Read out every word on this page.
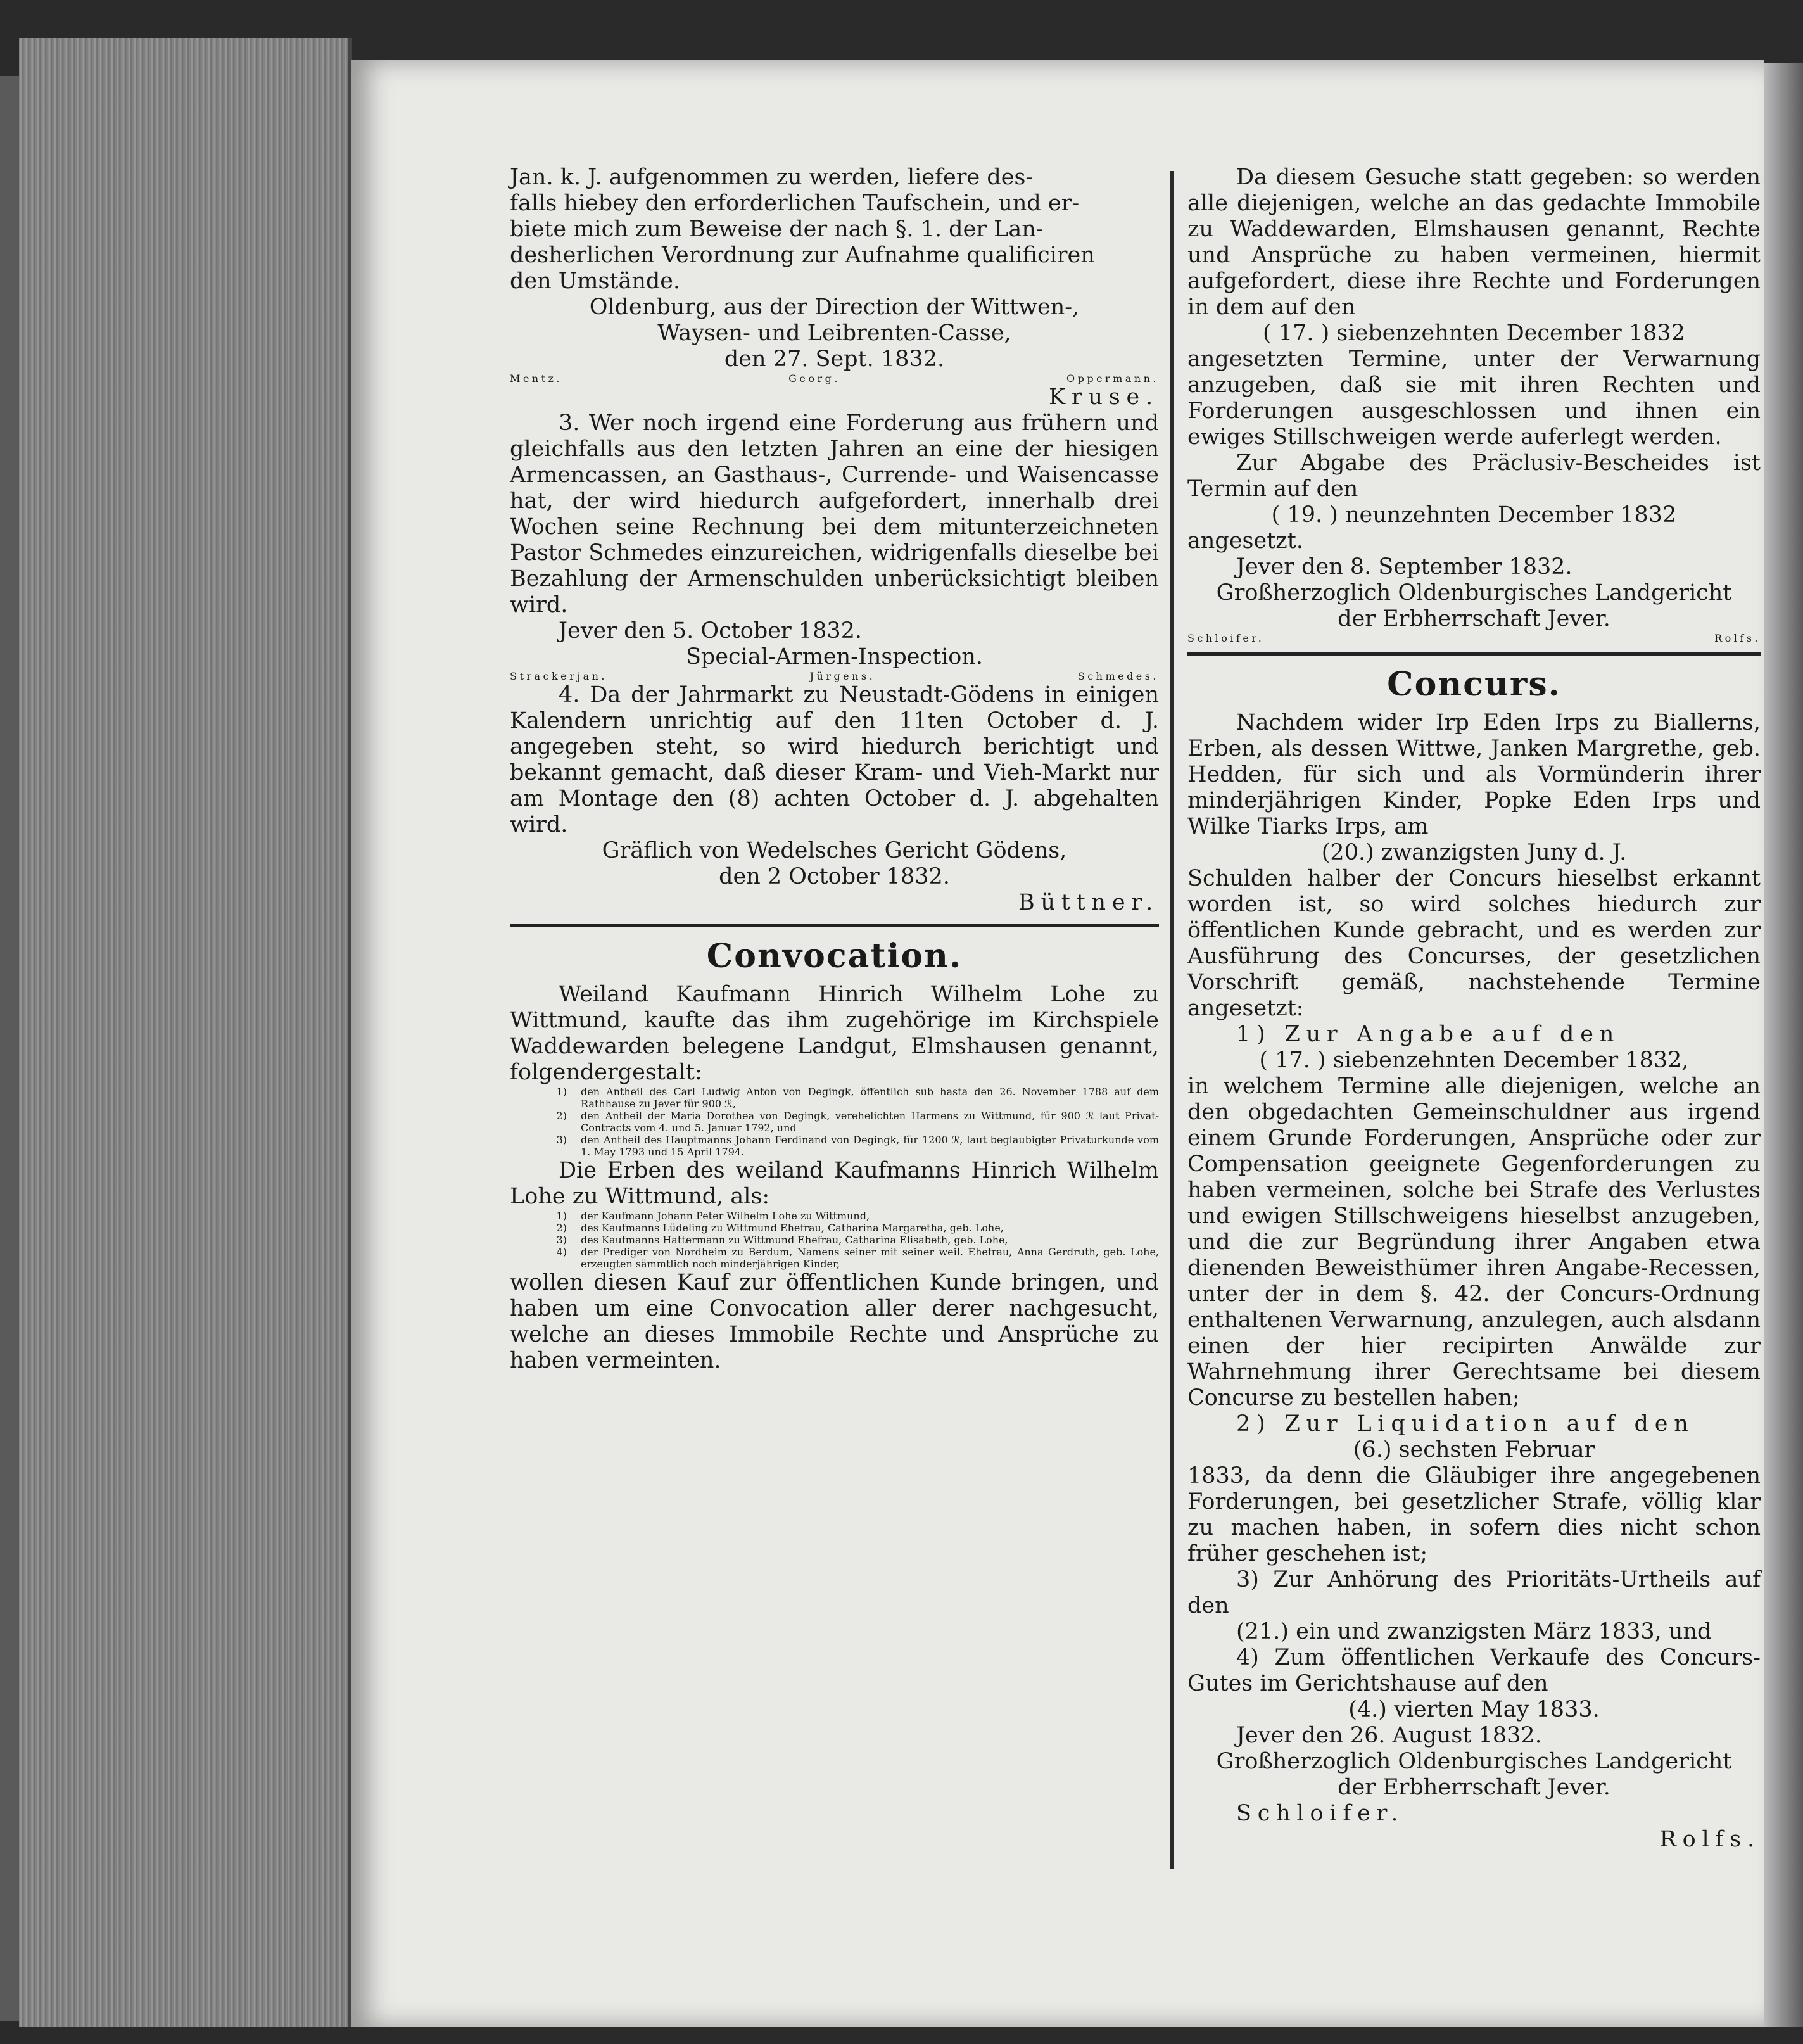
Jan. k. J. aufgenommen zu werden, liefere des-

falls hiebey den erforderlichen Taufschein, und er-

biete mich zum Beweise der nach §. 1. der Lan-

desherlichen Verordnung zur Aufnahme qualificiren

den Umstände.

Oldenburg, aus der Direction der Wittwen-,

Waysen- und Leibrenten-Casse,

den 27. Sept. 1832.

Mentz.	Georg.	Oppermann.

Kruse.

3. Wer noch irgend eine Forderung aus frühern und gleichfalls aus den letzten Jahren an eine der hiesigen Armencassen, an Gasthaus-, Currende- und Waisencasse hat, der wird hiedurch aufgefordert, innerhalb drei Wochen seine Rechnung bei dem mitunterzeichneten Pastor Schmedes einzureichen, widrigenfalls dieselbe bei Bezahlung der Armenschulden unberücksichtigt bleiben wird.

Jever den 5. October 1832.

Special-Armen-Inspection.

Strackerjan.	Jürgens.	Schmedes.

4. Da der Jahrmarkt zu Neustadt-Gödens in einigen Kalendern unrichtig auf den 11ten October d. J. angegeben steht, so wird hiedurch berichtigt und bekannt gemacht, daß dieser Kram- und Vieh-Markt nur am Montage den (8) achten October d. J. abgehalten wird.

Gräflich von Wedelsches Gericht Gödens,

den 2 October 1832.

Büttner.

Convocation.

Weiland Kaufmann Hinrich Wilhelm Lohe zu Wittmund, kaufte das ihm zugehörige im Kirchspiele Waddewarden belegene Landgut, Elmshausen genannt, folgendergestalt:

1)	den Antheil des Carl Ludwig Anton von Degingk, öffentlich sub hasta den 26. November 1788 auf dem Rathhause zu Jever für 900 ℛ,
2)	den Antheil der Maria Dorothea von Degingk, verehelichten Harmens zu Wittmund, für 900 ℛ laut Privat-Contracts vom 4. und 5. Januar 1792, und
3)	den Antheil des Hauptmanns Johann Ferdinand von Degingk, für 1200 ℛ, laut beglaubigter Privaturkunde vom 1. May 1793 und 15 April 1794.

Die Erben des weiland Kaufmanns Hinrich Wilhelm Lohe zu Wittmund, als:

1)	der Kaufmann Johann Peter Wilhelm Lohe zu Wittmund,
2)	des Kaufmanns Lüdeling zu Wittmund Ehefrau, Catharina Margaretha, geb. Lohe,
3)	des Kaufmanns Hattermann zu Wittmund Ehefrau, Catharina Elisabeth, geb. Lohe,
4)	der Prediger von Nordheim zu Berdum, Namens seiner mit seiner weil. Ehefrau, Anna Gerdruth, geb. Lohe, erzeugten sämmtlich noch minderjährigen Kinder,

wollen diesen Kauf zur öffentlichen Kunde bringen, und haben um eine Convocation aller derer nachgesucht, welche an dieses Immobile Rechte und Ansprüche zu haben vermeinten.

Da diesem Gesuche statt gegeben: so werden alle diejenigen, welche an das gedachte Immobile zu Waddewarden, Elmshausen genannt, Rechte und Ansprüche zu haben vermeinen, hiermit aufgefordert, diese ihre Rechte und Forderungen in dem auf den

( 17. ) siebenzehnten December 1832

angesetzten Termine, unter der Verwarnung anzugeben, daß sie mit ihren Rechten und Forderungen ausgeschlossen und ihnen ein ewiges Stillschweigen werde auferlegt werden.

Zur Abgabe des Präclusiv-Bescheides ist Termin auf den

( 19. ) neunzehnten December 1832

angesetzt.

Jever den 8. September 1832.

Großherzoglich Oldenburgisches Landgericht

der Erbherrschaft Jever.

Schloifer.	Rolfs.
Concurs.

Nachdem wider Irp Eden Irps zu Biallerns, Erben, als dessen Wittwe, Janken Margrethe, geb. Hedden, für sich und als Vormünderin ihrer minderjährigen Kinder, Popke Eden Irps und Wilke Tiarks Irps, am

(20.) zwanzigsten Juny d. J.

Schulden halber der Concurs hieselbst erkannt worden ist, so wird solches hiedurch zur öffentlichen Kunde gebracht, und es werden zur Ausführung des Concurses, der gesetzlichen Vorschrift gemäß, nachstehende Termine angesetzt:

1) Zur Angabe auf den

( 17. ) siebenzehnten December 1832,

in welchem Termine alle diejenigen, welche an den obgedachten Gemeinschuldner aus irgend einem Grunde Forderungen, Ansprüche oder zur Compensation geeignete Gegenforderungen zu haben vermeinen, solche bei Strafe des Verlustes und ewigen Stillschweigens hieselbst anzugeben, und die zur Begründung ihrer Angaben etwa dienenden Beweisthümer ihren Angabe-Recessen, unter der in dem §. 42. der Concurs-Ordnung enthaltenen Verwarnung, anzulegen, auch alsdann einen der hier recipirten Anwälde zur Wahrnehmung ihrer Gerechtsame bei diesem Concurse zu bestellen haben;

2) Zur Liquidation auf den

(6.) sechsten Februar

1833, da denn die Gläubiger ihre angegebenen Forderungen, bei gesetzlicher Strafe, völlig klar zu machen haben, in sofern dies nicht schon früher geschehen ist;

3) Zur Anhörung des Prioritäts-Urtheils auf den

(21.) ein und zwanzigsten März 1833, und

4) Zum öffentlichen Verkaufe des Concurs-Gutes im Gerichtshause auf den

(4.) vierten May 1833.

Jever den 26. August 1832.

Großherzoglich Oldenburgisches Landgericht

der Erbherrschaft Jever.

Schloifer.

Rolfs.
